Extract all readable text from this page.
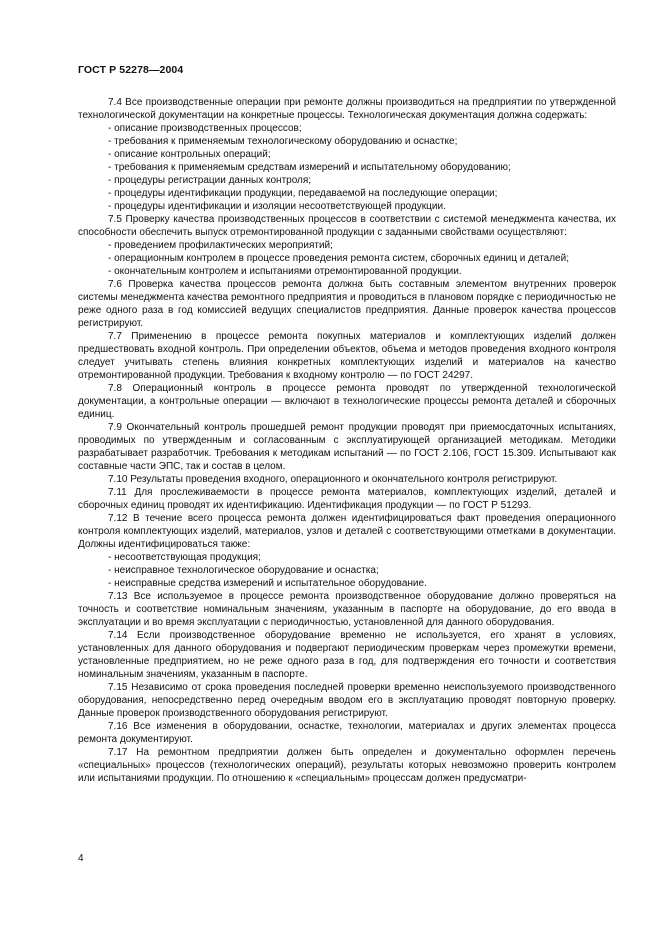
ГОСТ Р 52278—2004

7.4 Все производственные операции при ремонте должны производиться на предприятии по утвержденной технологической документации на конкретные процессы. Технологическая документация должна содержать:

- описание производственных процессов;

- требования к применяемым технологическому оборудованию и оснастке;

- описание контрольных операций;

- требования к применяемым средствам измерений и испытательному оборудованию;

- процедуры регистрации данных контроля;

- процедуры идентификации продукции, передаваемой на последующие операции;

- процедуры идентификации и изоляции несоответствующей продукции.

7.5 Проверку качества производственных процессов в соответствии с системой менеджмента качества, их способности обеспечить выпуск отремонтированной продукции с заданными свойствами осуществляют:

- проведением профилактических мероприятий;

- операционным контролем в процессе проведения ремонта систем, сборочных единиц и деталей;

- окончательным контролем и испытаниями отремонтированной продукции.

7.6 Проверка качества процессов ремонта должна быть составным элементом внутренних проверок системы менеджмента качества ремонтного предприятия и проводиться в плановом порядке с периодичностью не реже одного раза в год комиссией ведущих специалистов предприятия. Данные проверок качества процессов регистрируют.

7.7 Применению в процессе ремонта покупных материалов и комплектующих изделий должен предшествовать входной контроль. При определении объектов, объема и методов проведения входного контроля следует учитывать степень влияния конкретных комплектующих изделий и материалов на качество отремонтированной продукции. Требования к входному контролю — по ГОСТ 24297.

7.8 Операционный контроль в процессе ремонта проводят по утвержденной технологической документации, а контрольные операции — включают в технологические процессы ремонта деталей и сборочных единиц.

7.9 Окончательный контроль прошедшей ремонт продукции проводят при приемосдаточных испытаниях, проводимых по утвержденным и согласованным с эксплуатирующей организацией методикам. Методики разрабатывает разработчик. Требования к методикам испытаний — по ГОСТ 2.106, ГОСТ 15.309. Испытывают как составные части ЭПС, так и состав в целом.

7.10 Результаты проведения входного, операционного и окончательного контроля регистрируют.

7.11 Для прослеживаемости в процессе ремонта материалов, комплектующих изделий, деталей и сборочных единиц проводят их идентификацию. Идентификация продукции — по ГОСТ Р 51293.

7.12 В течение всего процесса ремонта должен идентифицироваться факт проведения операционного контроля комплектующих изделий, материалов, узлов и деталей с соответствующими отметками в документации. Должны идентифицироваться также:

- несоответствующая продукция;

- неисправное технологическое оборудование и оснастка;

- неисправные средства измерений и испытательное оборудование.

7.13 Все используемое в процессе ремонта производственное оборудование должно проверяться на точность и соответствие номинальным значениям, указанным в паспорте на оборудование, до его ввода в эксплуатации и во время эксплуатации с периодичностью, установленной для данного оборудования.

7.14 Если производственное оборудование временно не используется, его хранят в условиях, установленных для данного оборудования и подвергают периодическим проверкам через промежутки времени, установленные предприятием, но не реже одного раза в год, для подтверждения его точности и соответствия номинальным значениям, указанным в паспорте.

7.15 Независимо от срока проведения последней проверки временно неиспользуемого производственного оборудования, непосредственно перед очередным вводом его в эксплуатацию проводят повторную проверку. Данные проверок производственного оборудования регистрируют.

7.16 Все изменения в оборудовании, оснастке, технологии, материалах и других элементах процесса ремонта документируют.

7.17 На ремонтном предприятии должен быть определен и документально оформлен перечень «специальных» процессов (технологических операций), результаты которых невозможно проверить контролем или испытаниями продукции. По отношению к «специальным» процессам должен предусматри-

4
